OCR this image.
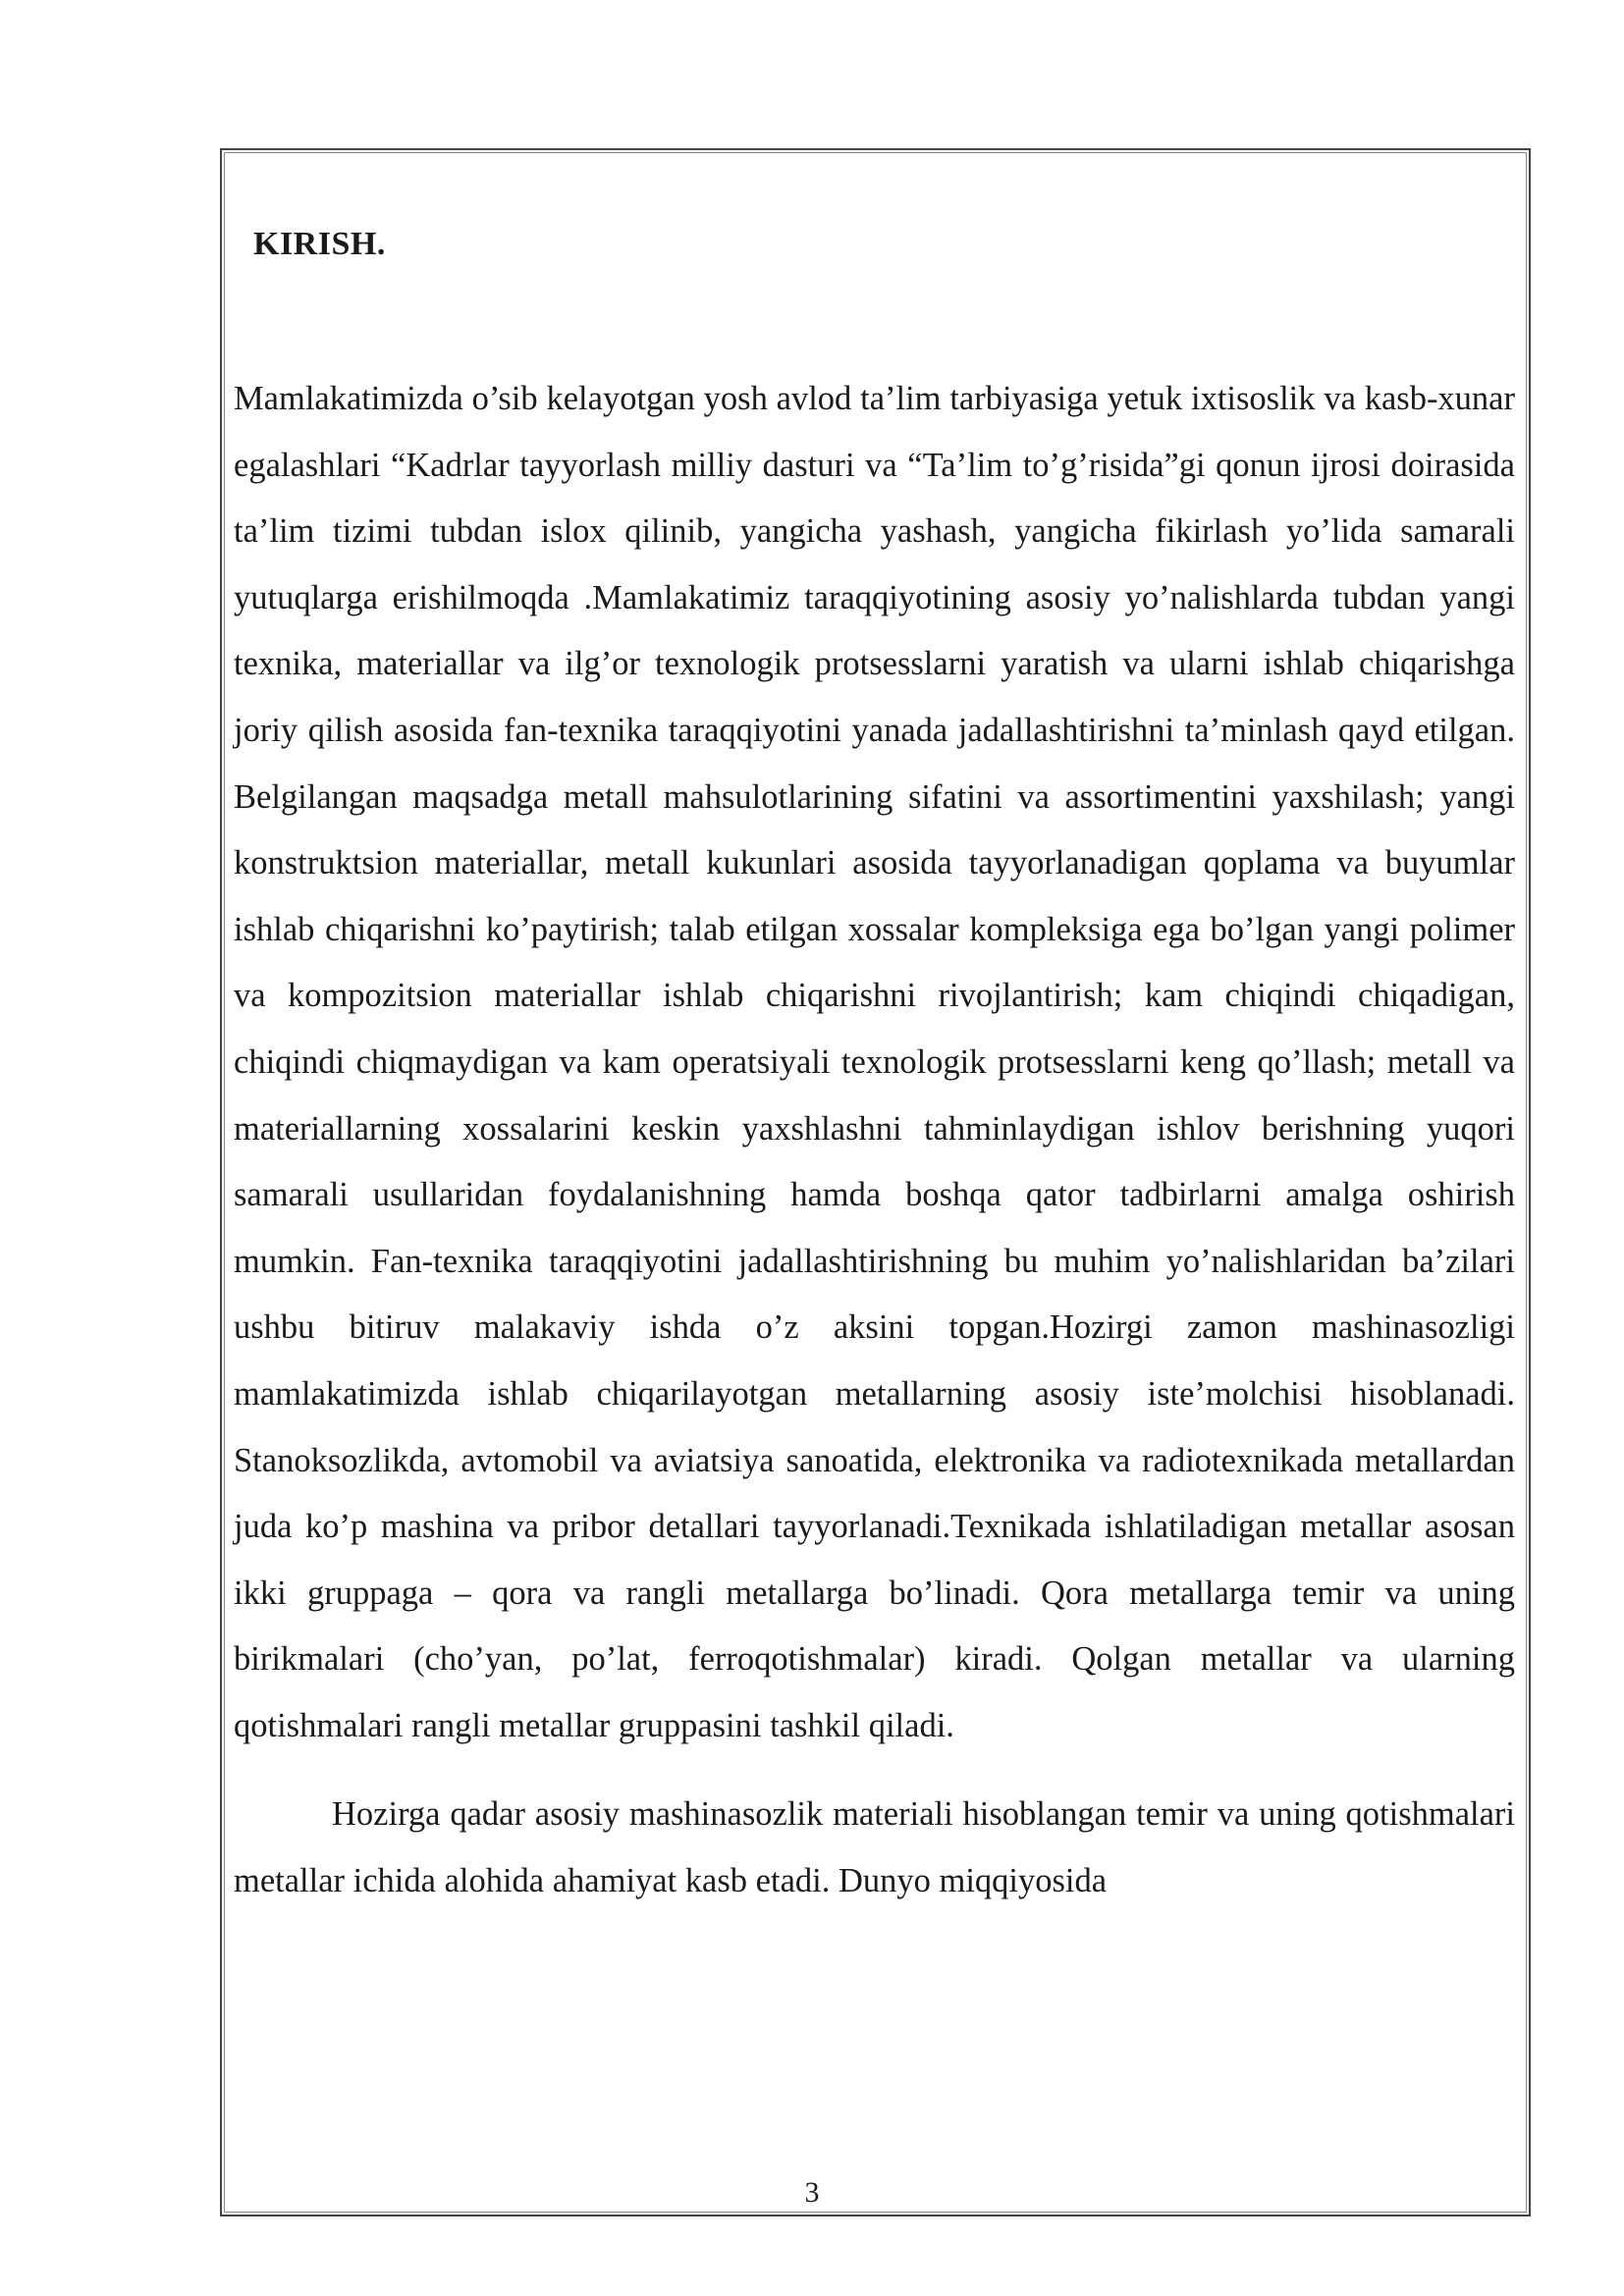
KIRISH.

Mamlakatimizda o’sib kelayotgan yosh avlod ta’lim tarbiyasiga yetuk ixtisoslik va kasb-xunar egalashlari “Kadrlar tayyorlash milliy dasturi va “Ta’lim to’g’risida”gi qonun ijrosi doirasida ta’lim tizimi tubdan islox qilinib, yangicha yashash, yangicha fikirlash yo’lida samarali yutuqlarga erishilmoqda .Mamlakatimiz taraqqiyotining asosiy yo’nalishlarda tubdan yangi texnika, materiallar va ilg’or texnologik protsesslarni yaratish va ularni ishlab chiqarishga joriy qilish asosida fan-texnika taraqqiyotini yanada jadallashtirishni ta’minlash qayd etilgan. Belgilangan maqsadga metall mahsulotlarining sifatini va assortimentini yaxshilash; yangi konstruktsion materiallar, metall kukunlari asosida tayyorlanadigan qoplama va buyumlar ishlab chiqarishni ko’paytirish; talab etilgan xossalar kompleksiga ega bo’lgan yangi polimer va kompozitsion materiallar ishlab chiqarishni rivojlantirish; kam chiqindi chiqadigan, chiqindi chiqmaydigan va kam operatsiyali texnologik protsesslarni keng qo’llash; metall va materiallarning xossalarini keskin yaxshlashni tahminlaydigan ishlov berishning yuqori samarali usullaridan foydalanishning hamda boshqa qator tadbirlarni amalga oshirish mumkin. Fan-texnika taraqqiyotini jadallashtirishning bu muhim yo’nalishlaridan ba’zilari ushbu bitiruv malakaviy ishda o’z aksini topgan.Hozirgi zamon mashinasozligi mamlakatimizda ishlab chiqarilayotgan metallarning asosiy iste’molchisi hisoblanadi. Stanoksozlikda, avtomobil va aviatsiya sanoatida, elektronika va radiotexnikada metallardan juda ko’p mashina va pribor detallari tayyorlanadi.Texnikada ishlatiladigan metallar asosan ikki gruppaga – qora va rangli metallarga bo’linadi. Qora metallarga temir va uning birikmalari (cho’yan, po’lat, ferroqotishmalar) kiradi. Qolgan metallar va ularning qotishmalari rangli metallar gruppasini tashkil qiladi.

Hozirga qadar asosiy mashinasozlik materiali hisoblangan temir va uning qotishmalari metallar ichida alohida ahamiyat kasb etadi. Dunyo miqqiyosida

3
